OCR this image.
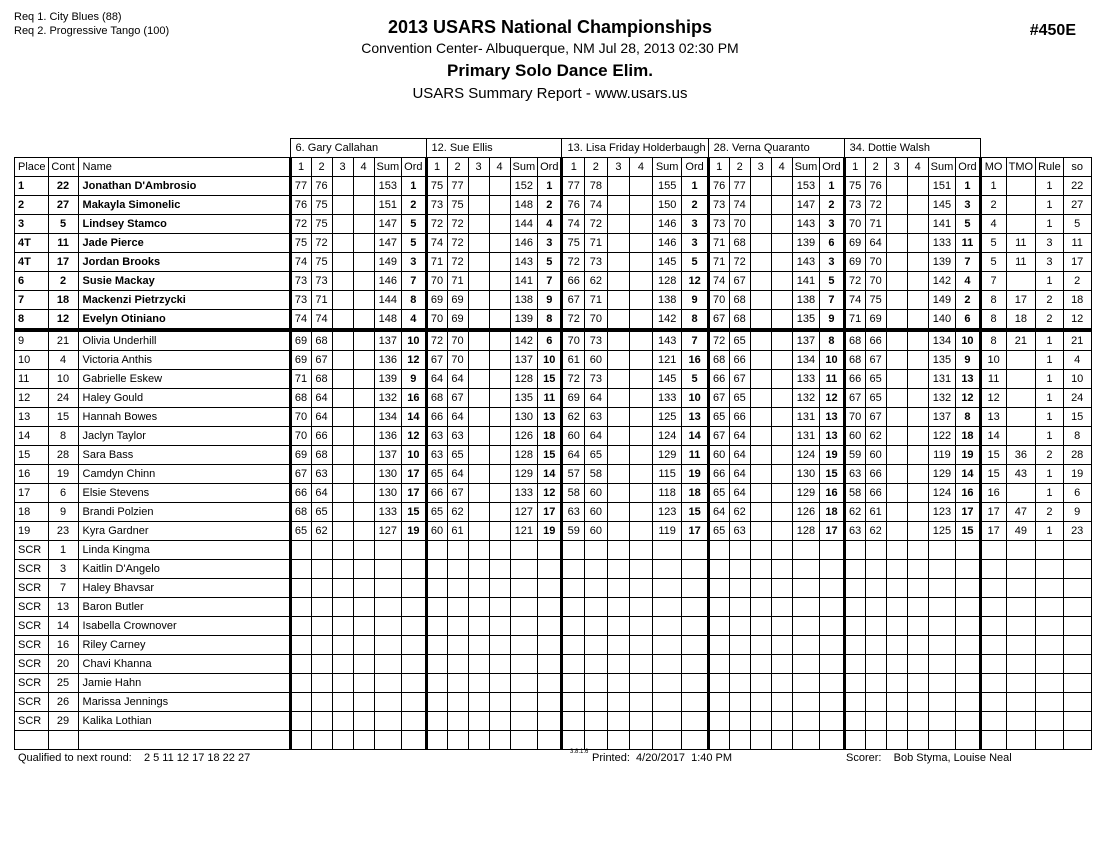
Req 1. City Blues (88)
Req 2. Progressive Tango (100)	2013 USARS National Championships
Convention Center- Albuquerque, NM Jul 28, 2013 02:30 PM
Primary Solo Dance Elim.
USARS Summary Report - www.usars.us
#450E
			6. Gary Callahan						12. Sue Ellis						13. Lisa Friday Holderbaugh						28. Verna Quaranto						34. Dottie Walsh									
Place	Cont	Name	1	2	3	4	Sum	Ord	1	2	3	4	Sum	Ord	1	2	3	4	Sum	Ord	1	2	3	4	Sum	Ord	1	2	3	4	Sum	Ord	MO	TMO	Rule	so
1	22	Jonathan D'Ambrosio	77	76			153	1	75	77			152	1	77	78			155	1	76	77			153	1	75	76			151	1	1		1	22
2	27	Makayla Simonelic	76	75			151	2	73	75			148	2	76	74			150	2	73	74			147	2	73	72			145	3	2		1	27
3	5	Lindsey Stamco	72	75			147	5	72	72			144	4	74	72			146	3	73	70			143	3	70	71			141	5	4		1	5
4T	11	Jade Pierce	75	72			147	5	74	72			146	3	75	71			146	3	71	68			139	6	69	64			133	11	5	11	3	11
4T	17	Jordan Brooks	74	75			149	3	71	72			143	5	72	73			145	5	71	72			143	3	69	70			139	7	5	11	3	17
6	2	Susie Mackay	73	73			146	7	70	71			141	7	66	62			128	12	74	67			141	5	72	70			142	4	7		1	2
7	18	Mackenzi Pietrzycki	73	71			144	8	69	69			138	9	67	71			138	9	70	68			138	7	74	75			149	2	8	17	2	18
8	12	Evelyn Otiniano	74	74			148	4	70	69			139	8	72	70			142	8	67	68			135	9	71	69			140	6	8	18	2	12
9	21	Olivia Underhill	69	68			137	10	72	70			142	6	70	73			143	7	72	65			137	8	68	66			134	10	8	21	1	21
10	4	Victoria Anthis	69	67			136	12	67	70			137	10	61	60			121	16	68	66			134	10	68	67			135	9	10		1	4
11	10	Gabrielle Eskew	71	68			139	9	64	64			128	15	72	73			145	5	66	67			133	11	66	65			131	13	11		1	10
12	24	Haley Gould	68	64			132	16	68	67			135	11	69	64			133	10	67	65			132	12	67	65			132	12	12		1	24
13	15	Hannah Bowes	70	64			134	14	66	64			130	13	62	63			125	13	65	66			131	13	70	67			137	8	13		1	15
14	8	Jaclyn Taylor	70	66			136	12	63	63			126	18	60	64			124	14	67	64			131	13	60	62			122	18	14		1	8
15	28	Sara Bass	69	68			137	10	63	65			128	15	64	65			129	11	60	64			124	19	59	60			119	19	15	36	2	28
16	19	Camdyn Chinn	67	63			130	17	65	64			129	14	57	58			115	19	66	64			130	15	63	66			129	14	15	43	1	19
17	6	Elsie Stevens	66	64			130	17	66	67			133	12	58	60			118	18	65	64			129	16	58	66			124	16	16		1	6
18	9	Brandi Polzien	68	65			133	15	65	62			127	17	63	60			123	15	64	62			126	18	62	61			123	17	17	47	2	9
19	23	Kyra Gardner	65	62			127	19	60	61			121	19	59	60			119	17	65	63			128	17	63	62			125	15	17	49	1	23
SCR	1	Linda Kingma																																		
SCR	3	Kaitlin D'Angelo																																		
SCR	7	Haley Bhavsar																																		
SCR	13	Baron Butler																																		
SCR	14	Isabella Crownover																																		
SCR	16	Riley Carney																																		
SCR	20	Chavi Khanna																																		
SCR	25	Jamie Hahn																																		
SCR	26	Marissa Jennings																																		
SCR	29	Kalika Lothian																																		

Qualified to next round:    2 5 11 12 17 18 22 27	3.8.1.6 Printed:  4/20/2017  1:40 PM	Scorer:    Bob Styma, Louise Neal
